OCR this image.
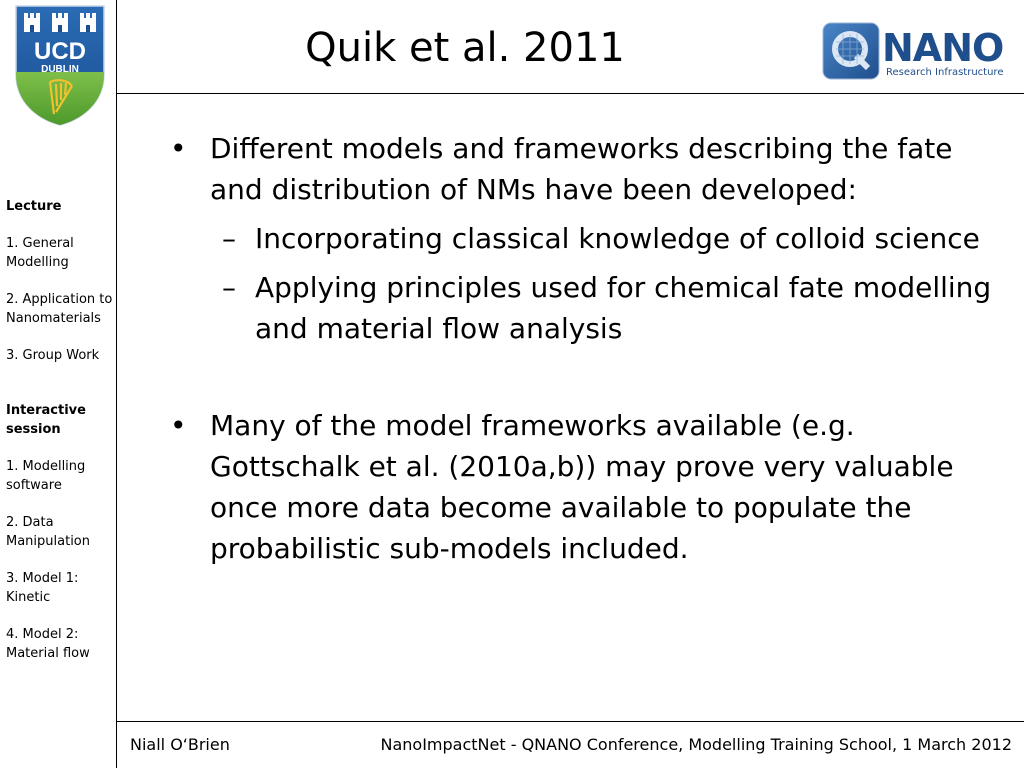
UCD
DUBLIN	Quik et al. 2011	NANO
Research Infrastructure
Lecture
1. General Modelling
2. Application to Nanomaterials
3. Group Work
Interactive session
1. Modelling software
2. Data Manipulation
3. Model 1: Kinetic
4. Model 2: Material flow
• Different models and frameworks describing the fate and distribution of NMs have been developed:
– Incorporating classical knowledge of colloid science
– Applying principles used for chemical fate modelling and material flow analysis
• Many of the model frameworks available (e.g. Gottschalk et al. (2010a,b)) may prove very valuable once more data become available to populate the probabilistic sub-models included.
Niall O‘Brien	NanoImpactNet - QNANO Conference, Modelling Training School, 1 March 2012
